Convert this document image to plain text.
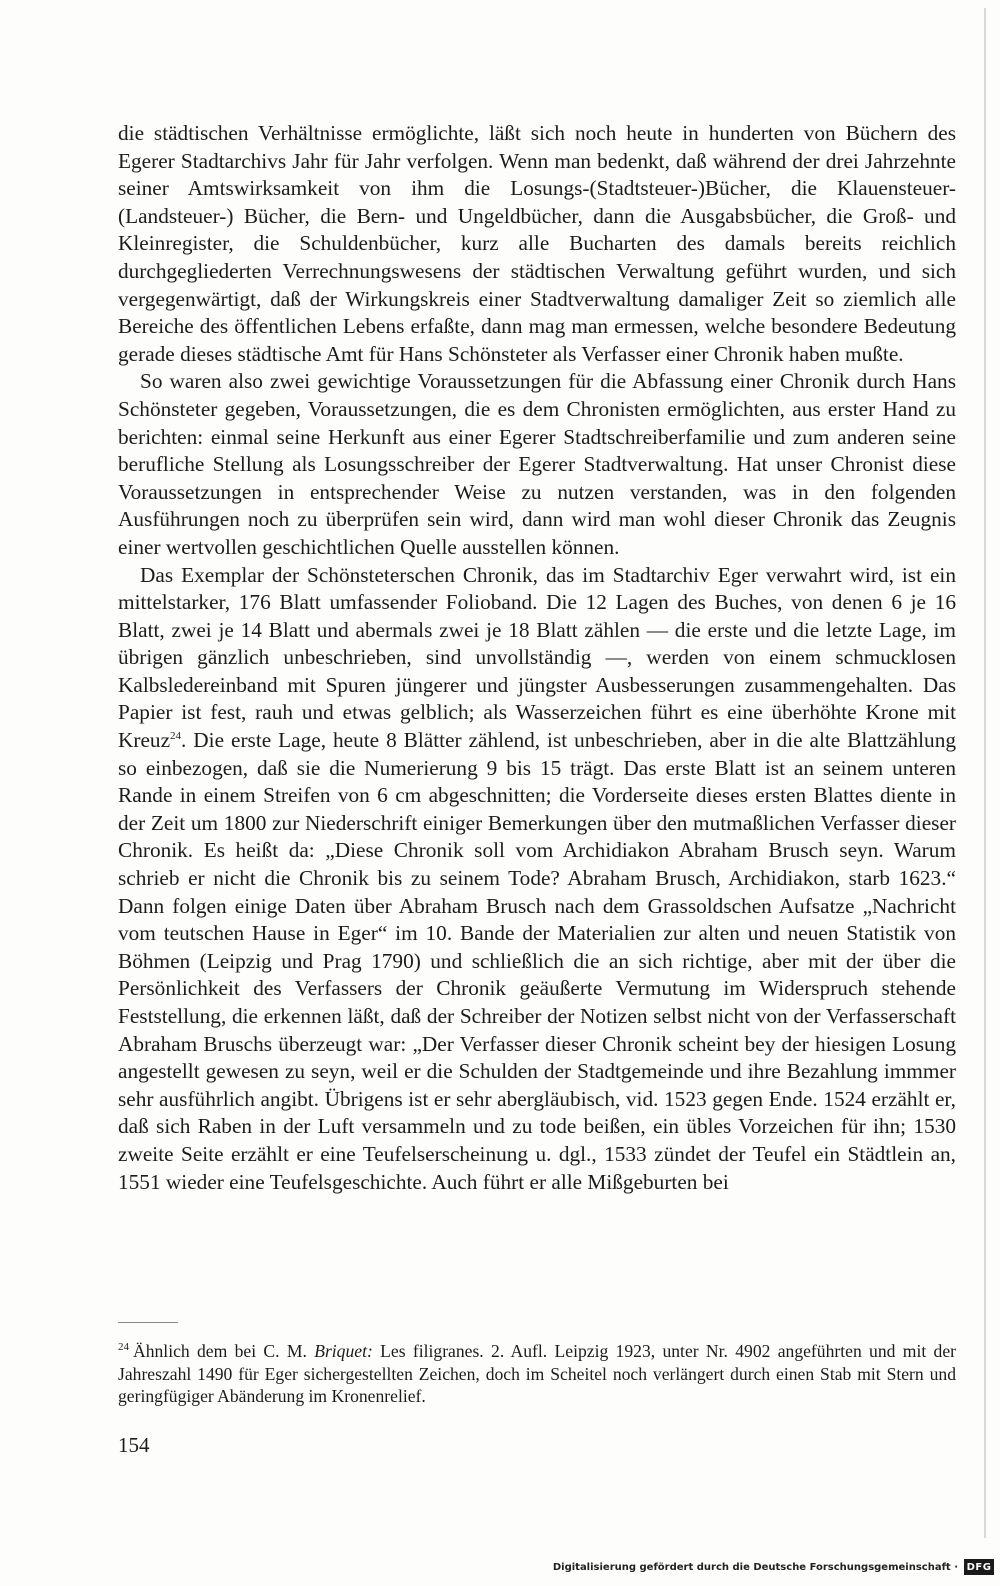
die städtischen Verhältnisse ermöglichte, läßt sich noch heute in hunderten von Büchern des Egerer Stadtarchivs Jahr für Jahr verfolgen. Wenn man bedenkt, daß während der drei Jahrzehnte seiner Amtswirksamkeit von ihm die Losungs-(Stadtsteuer-)Bücher, die Klauensteuer-(Landsteuer-) Bücher, die Bern- und Ungeldbücher, dann die Ausgabsbücher, die Groß- und Kleinregister, die Schuldenbücher, kurz alle Bucharten des damals bereits reichlich durchgegliederten Verrechnungswesens der städtischen Verwaltung geführt wurden, und sich vergegenwärtigt, daß der Wirkungskreis einer Stadtverwaltung damaliger Zeit so ziemlich alle Bereiche des öffentlichen Lebens erfaßte, dann mag man ermessen, welche besondere Bedeutung gerade dieses städtische Amt für Hans Schönsteter als Verfasser einer Chronik haben mußte.

So waren also zwei gewichtige Voraussetzungen für die Abfassung einer Chronik durch Hans Schönsteter gegeben, Voraussetzungen, die es dem Chronisten ermöglichten, aus erster Hand zu berichten: einmal seine Herkunft aus einer Egerer Stadtschreiberfamilie und zum anderen seine berufliche Stellung als Losungsschreiber der Egerer Stadtverwaltung. Hat unser Chronist diese Voraussetzungen in entsprechender Weise zu nutzen verstanden, was in den folgenden Ausführungen noch zu überprüfen sein wird, dann wird man wohl dieser Chronik das Zeugnis einer wertvollen geschichtlichen Quelle ausstellen können.

Das Exemplar der Schönsteterschen Chronik, das im Stadtarchiv Eger verwahrt wird, ist ein mittelstarker, 176 Blatt umfassender Folioband. Die 12 Lagen des Buches, von denen 6 je 16 Blatt, zwei je 14 Blatt und abermals zwei je 18 Blatt zählen — die erste und die letzte Lage, im übrigen gänzlich unbeschrieben, sind unvollständig —, werden von einem schmucklosen Kalbsledereinband mit Spuren jüngerer und jüngster Ausbesserungen zusammengehalten. Das Papier ist fest, rauh und etwas gelblich; als Wasserzeichen führt es eine überhöhte Krone mit Kreuz$^{24}$. Die erste Lage, heute 8 Blätter zählend, ist unbeschrieben, aber in die alte Blattzählung so einbezogen, daß sie die Numerierung 9 bis 15 trägt. Das erste Blatt ist an seinem unteren Rande in einem Streifen von 6 cm abgeschnitten; die Vorderseite dieses ersten Blattes diente in der Zeit um 1800 zur Niederschrift einiger Bemerkungen über den mutmaßlichen Verfasser dieser Chronik. Es heißt da: „Diese Chronik soll vom Archidiakon Abraham Brusch seyn. Warum schrieb er nicht die Chronik bis zu seinem Tode? Abraham Brusch, Archidiakon, starb 1623.“ Dann folgen einige Daten über Abraham Brusch nach dem Grassoldschen Aufsatze „Nachricht vom teutschen Hause in Eger“ im 10. Bande der Materialien zur alten und neuen Statistik von Böhmen (Leipzig und Prag 1790) und schließlich die an sich richtige, aber mit der über die Persönlichkeit des Verfassers der Chronik geäußerte Vermutung im Widerspruch stehende Feststellung, die erkennen läßt, daß der Schreiber der Notizen selbst nicht von der Verfasserschaft Abraham Bruschs überzeugt war: „Der Verfasser dieser Chronik scheint bey der hiesigen Losung angestellt gewesen zu seyn, weil er die Schulden der Stadtgemeinde und ihre Bezahlung immmer sehr ausführlich angibt. Übrigens ist er sehr abergläubisch, vid. 1523 gegen Ende. 1524 erzählt er, daß sich Raben in der Luft versammeln und zu tode beißen, ein übles Vorzeichen für ihn; 1530 zweite Seite erzählt er eine Teufelserscheinung u. dgl., 1533 zündet der Teufel ein Städtlein an, 1551 wieder eine Teufelsgeschichte. Auch führt er alle Mißgeburten bei

$^{24}$ Ähnlich dem bei C. M. Briquet: Les filigranes. 2. Aufl. Leipzig 1923, unter Nr. 4902 angeführten und mit der Jahreszahl 1490 für Eger sichergestellten Zeichen, doch im Scheitel noch verlängert durch einen Stab mit Stern und geringfügiger Abänderung im Kronenrelief.
154
Digitalisierung gefördert durch die Deutsche Forschungsgemeinschaft · DFG
